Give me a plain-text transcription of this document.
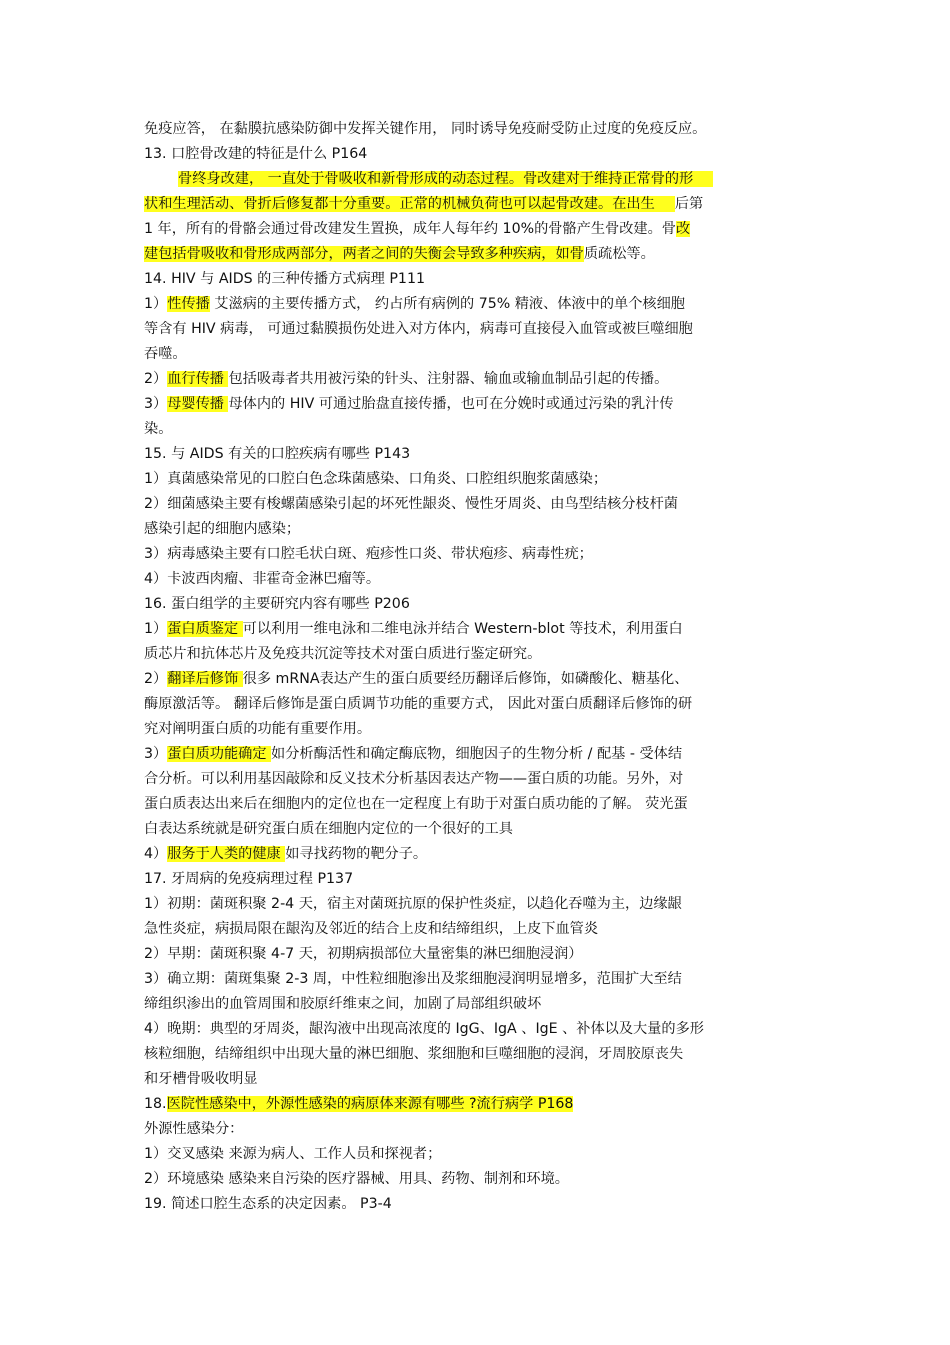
免疫应答， 在黏膜抗感染防御中发挥关键作用， 同时诱导免疫耐受防止过度的免疫反应。
13. 口腔骨改建的特征是什么 P164
骨终身改建， 一直处于骨吸收和新骨形成的动态过程。骨改建对于维持正常骨的形
状和生理活动、骨折后修复都十分重要。正常的机械负荷也可以起骨改建。在出生 后第
1 年，所有的骨骼会通过骨改建发生置换，成年人每年约 10%的骨骼产生骨改建。骨改
建包括骨吸收和骨形成两部分，两者之间的失衡会导致多种疾病，如骨质疏松等。
14. HIV 与 AIDS 的三种传播方式病理 P111
1）性传播 艾滋病的主要传播方式， 约占所有病例的 75% 精液、体液中的单个核细胞
等含有 HIV 病毒， 可通过黏膜损伤处进入对方体内，病毒可直接侵入血管或被巨噬细胞
吞噬。
2）血行传播 包括吸毒者共用被污染的针头、注射器、输血或输血制品引起的传播。
3）母婴传播 母体内的 HIV 可通过胎盘直接传播，也可在分娩时或通过污染的乳汁传
染。
15. 与 AIDS 有关的口腔疾病有哪些 P143
1）真菌感染常见的口腔白色念珠菌感染、口角炎、口腔组织胞浆菌感染；
2）细菌感染主要有梭螺菌感染引起的坏死性龈炎、慢性牙周炎、由鸟型结核分枝杆菌
感染引起的细胞内感染；
3）病毒感染主要有口腔毛状白斑、疱疹性口炎、带状疱疹、病毒性疣；
4）卡波西肉瘤、非霍奇金淋巴瘤等。
16. 蛋白组学的主要研究内容有哪些 P206
1）蛋白质鉴定 可以利用一维电泳和二维电泳并结合 Western-blot 等技术，利用蛋白
质芯片和抗体芯片及免疫共沉淀等技术对蛋白质进行鉴定研究。
2）翻译后修饰 很多 mRNA表达产生的蛋白质要经历翻译后修饰，如磷酸化、糖基化、
酶原激活等。 翻译后修饰是蛋白质调节功能的重要方式， 因此对蛋白质翻译后修饰的研
究对阐明蛋白质的功能有重要作用。
3）蛋白质功能确定 如分析酶活性和确定酶底物，细胞因子的生物分析 / 配基 - 受体结
合分析。可以利用基因敲除和反义技术分析基因表达产物——蛋白质的功能。另外，对
蛋白质表达出来后在细胞内的定位也在一定程度上有助于对蛋白质功能的了解。 荧光蛋
白表达系统就是研究蛋白质在细胞内定位的一个很好的工具
4）服务于人类的健康 如寻找药物的靶分子。
17. 牙周病的免疫病理过程 P137
1）初期：菌斑积聚 2-4 天，宿主对菌斑抗原的保护性炎症，以趋化吞噬为主，边缘龈
急性炎症，病损局限在龈沟及邻近的结合上皮和结缔组织，上皮下血管炎
2）早期：菌斑积聚 4-7 天，初期病损部位大量密集的淋巴细胞浸润）
3）确立期：菌斑集聚 2-3 周，中性粒细胞渗出及浆细胞浸润明显增多，范围扩大至结
缔组织渗出的血管周围和胶原纤维束之间，加剧了局部组织破坏
4）晚期：典型的牙周炎，龈沟液中出现高浓度的 IgG、IgA 、IgE 、补体以及大量的多形
核粒细胞，结缔组织中出现大量的淋巴细胞、浆细胞和巨噬细胞的浸润，牙周胶原丧失
和牙槽骨吸收明显
18.医院性感染中，外源性感染的病原体来源有哪些 ?流行病学 P168
外源性感染分：
1）交叉感染 来源为病人、工作人员和探视者；
2）环境感染 感染来自污染的医疗器械、用具、药物、制剂和环境。
19. 简述口腔生态系的决定因素。 P3-4
